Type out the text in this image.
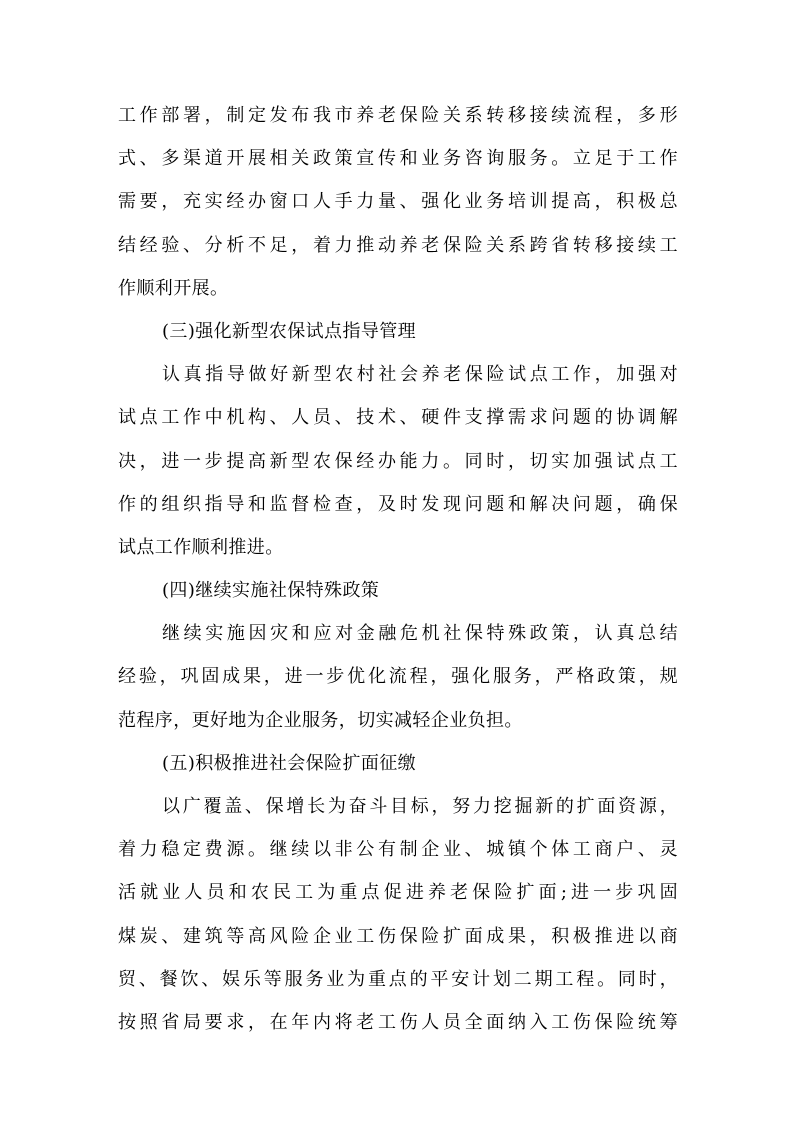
工作部署，制定发布我市养老保险关系转移接续流程，多形
式、多渠道开展相关政策宣传和业务咨询服务。立足于工作
需要，充实经办窗口人手力量、强化业务培训提高，积极总
结经验、分析不足，着力推动养老保险关系跨省转移接续工
作顺利开展。
(三)强化新型农保试点指导管理
认真指导做好新型农村社会养老保险试点工作，加强对
试点工作中机构、人员、技术、硬件支撑需求问题的协调解
决，进一步提高新型农保经办能力。同时，切实加强试点工
作的组织指导和监督检查，及时发现问题和解决问题，确保
试点工作顺利推进。
(四)继续实施社保特殊政策
继续实施因灾和应对金融危机社保特殊政策，认真总结
经验，巩固成果，进一步优化流程，强化服务，严格政策，规
范程序，更好地为企业服务，切实减轻企业负担。
(五)积极推进社会保险扩面征缴
以广覆盖、保增长为奋斗目标，努力挖掘新的扩面资源，
着力稳定费源。继续以非公有制企业、城镇个体工商户、灵
活就业人员和农民工为重点促进养老保险扩面;进一步巩固
煤炭、建筑等高风险企业工伤保险扩面成果，积极推进以商
贸、餐饮、娱乐等服务业为重点的平安计划二期工程。同时，
按照省局要求，在年内将老工伤人员全面纳入工伤保险统筹
